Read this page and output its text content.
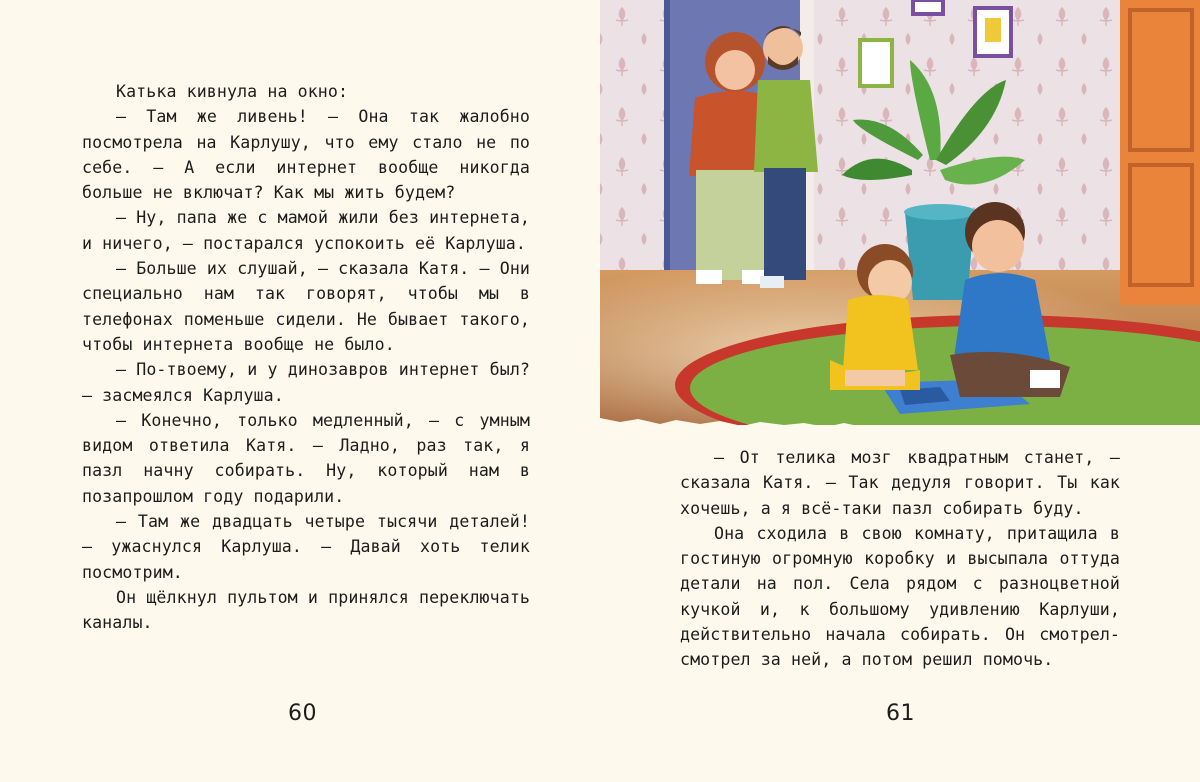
Катька кивнула на окно:

— Там же ливень! — Она так жалобно посмотрела на Карлушу, что ему стало не по себе. — А если интернет вообще никогда больше не включат? Как мы жить будем?

— Ну, папа же с мамой жили без интернета, и ничего, — постарался успокоить её Карлуша.

— Больше их слушай, — сказала Катя. — Они специально нам так говорят, чтобы мы в телефонах поменьше сидели. Не бывает такого, чтобы интернета вообще не было.

— По-твоему, и у динозавров интернет был? — засмеялся Карлуша.

— Конечно, только медленный, — с умным видом ответила Катя. — Ладно, раз так, я пазл начну собирать. Ну, который нам в позапрошлом году подарили.

— Там же двадцать четыре тысячи деталей! — ужаснулся Карлуша. — Давай хоть телик посмотрим.

Он щёлкнул пультом и принялся переключать каналы.

60

— От телика мозг квадратным станет, — сказала Катя. — Так дедуля говорит. Ты как хочешь, а я всё-таки пазл собирать буду.

Она сходила в свою комнату, притащила в гостиную огромную коробку и высыпала оттуда детали на пол. Села рядом с разноцветной кучкой и, к большому удивлению Карлуши, действительно начала собирать. Он смотрел-смотрел за ней, а потом решил помочь.

61
